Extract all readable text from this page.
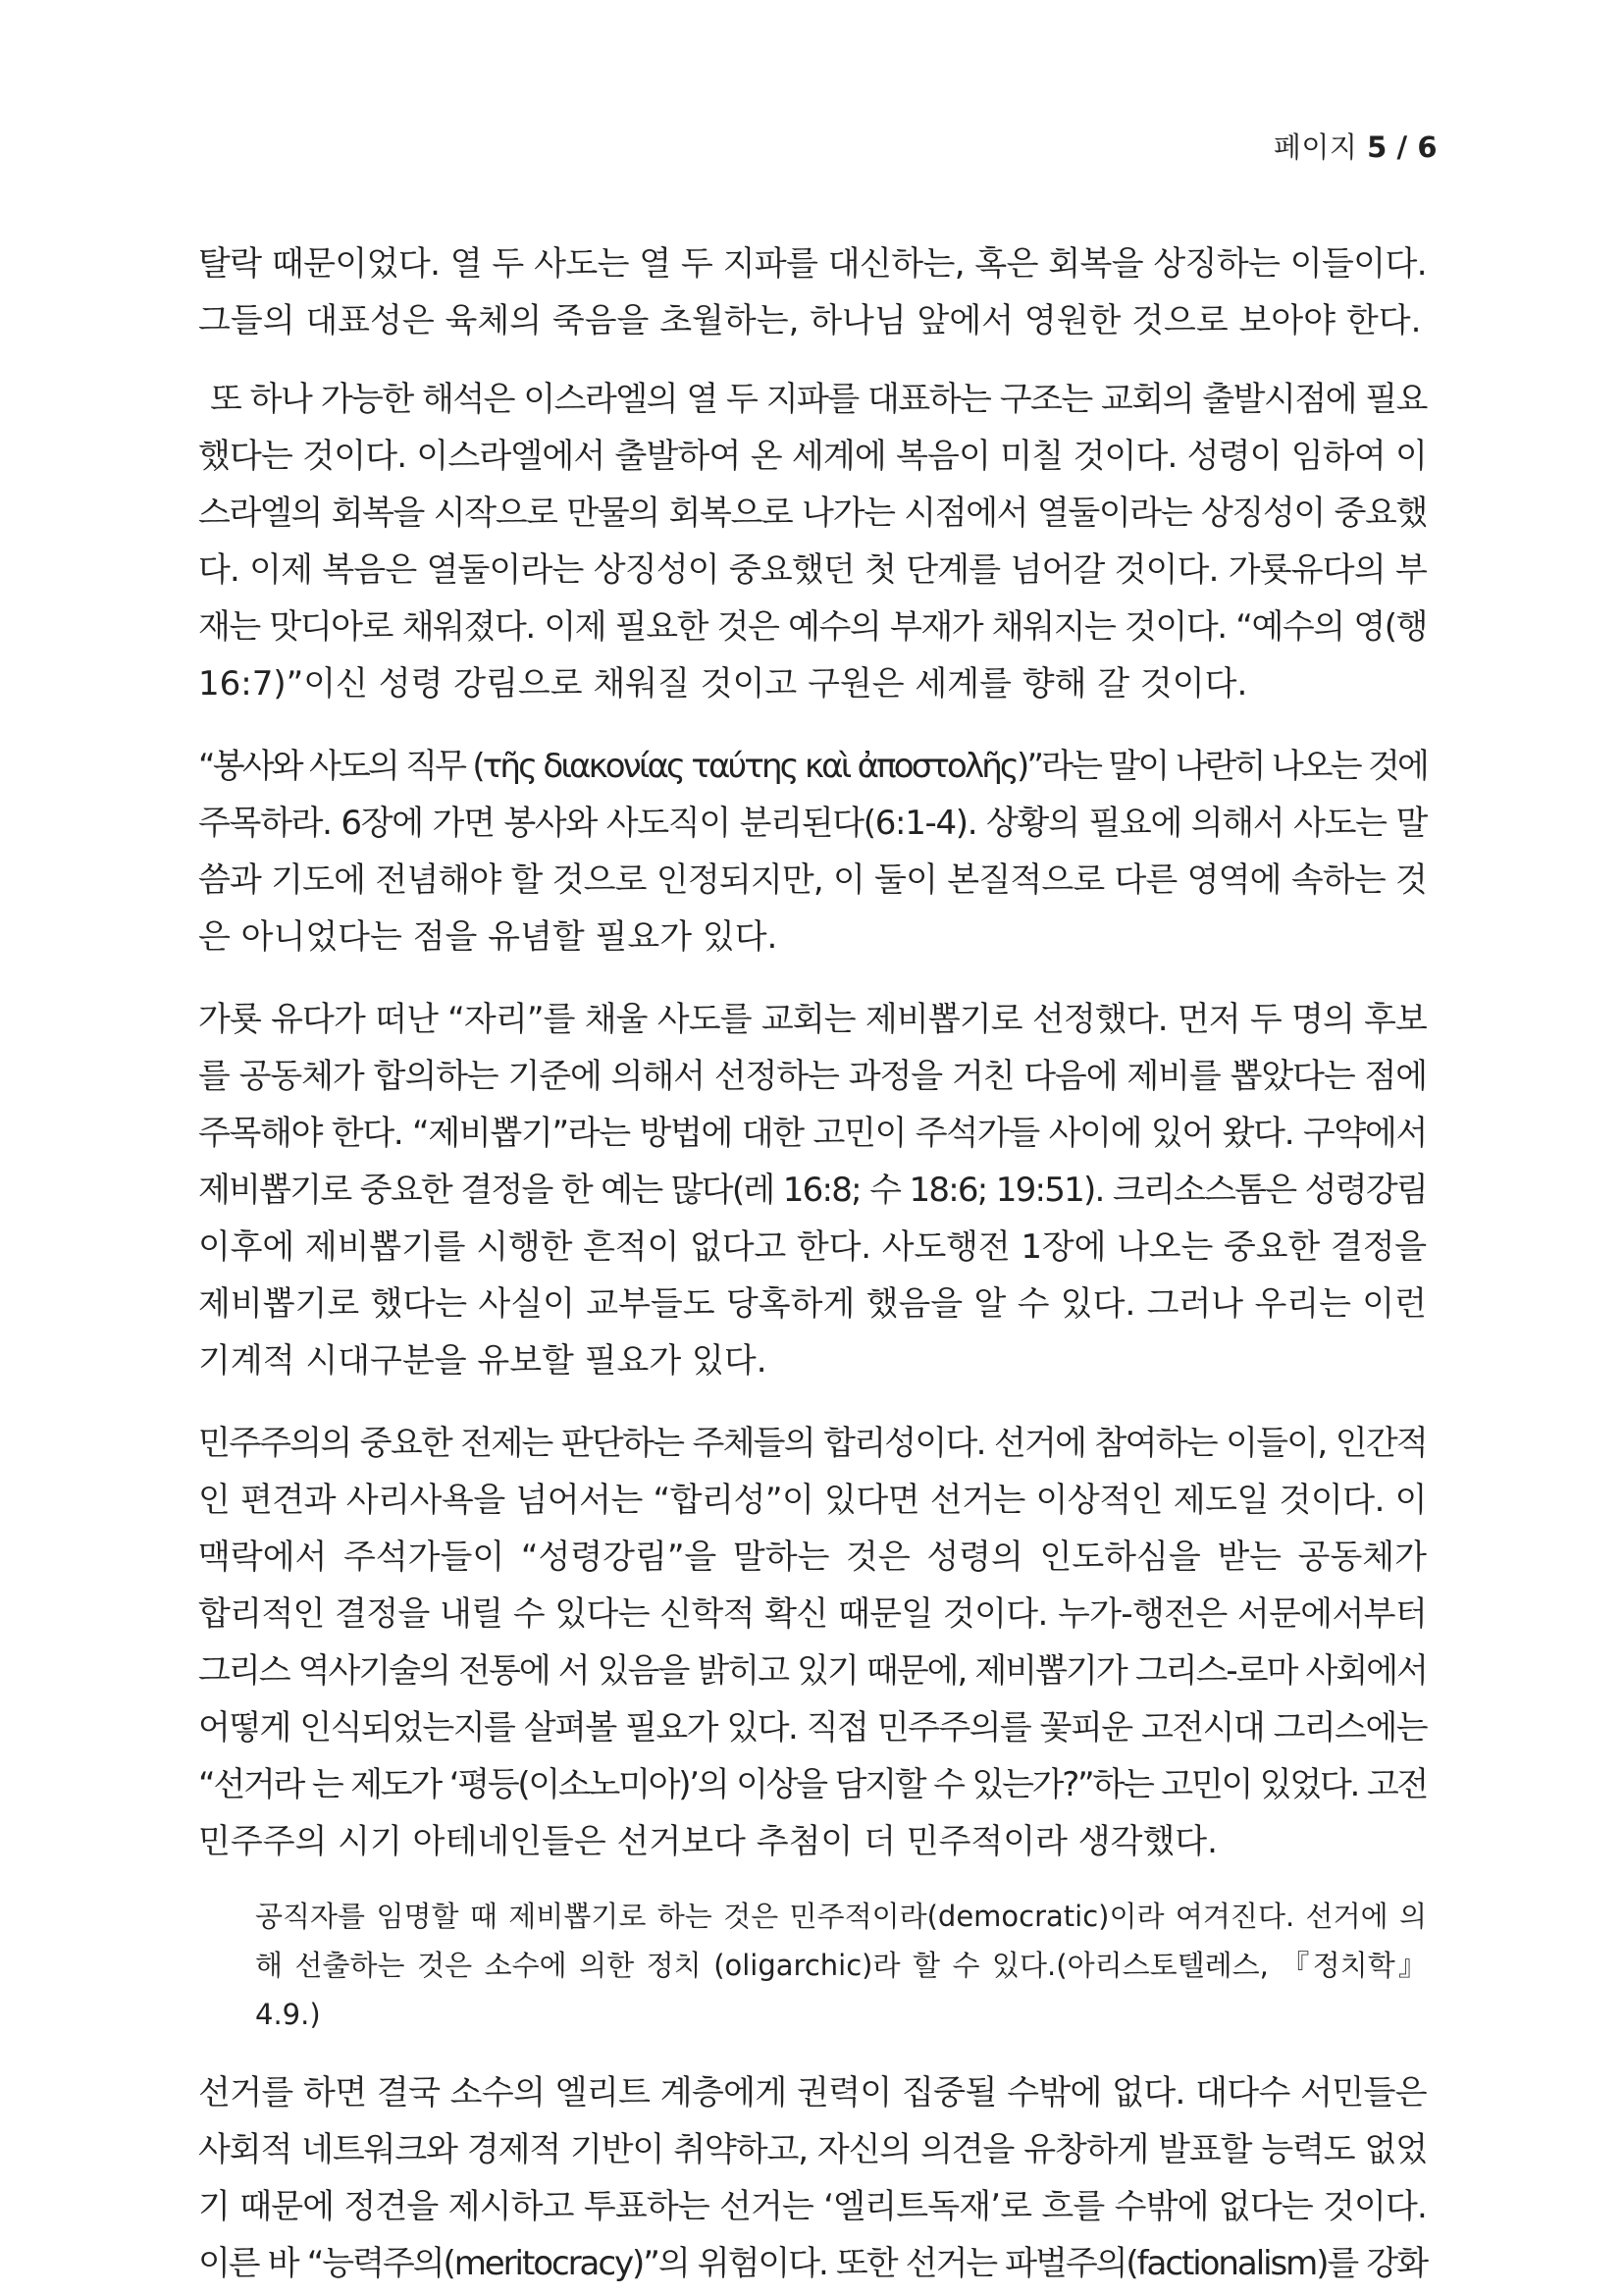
페이지 5 / 6

탈락 때문이었다. 열 두 사도는 열 두 지파를 대신하는, 혹은 회복을 상징하는 이들이다.
그들의 대표성은 육체의 죽음을 초월하는, 하나님 앞에서 영원한 것으로 보아야 한다.

또 하나 가능한 해석은 이스라엘의 열 두 지파를 대표하는 구조는 교회의 출발시점에 필요
했다는 것이다. 이스라엘에서 출발하여 온 세계에 복음이 미칠 것이다. 성령이 임하여 이
스라엘의 회복을 시작으로 만물의 회복으로 나가는 시점에서 열둘이라는 상징성이 중요했
다. 이제 복음은 열둘이라는 상징성이 중요했던 첫 단계를 넘어갈 것이다. 가룟유다의 부
재는 맛디아로 채워졌다. 이제 필요한 것은 예수의 부재가 채워지는 것이다. “예수의 영(행
16:7)”이신 성령 강림으로 채워질 것이고 구원은 세계를 향해 갈 것이다.

“봉사와 사도의 직무 (τῆς διακονίας ταύτης καὶ ἀποστολῆς)”라는 말이 나란히 나오는 것에
주목하라. 6장에 가면 봉사와 사도직이 분리된다(6:1-4). 상황의 필요에 의해서 사도는 말
씀과 기도에 전념해야 할 것으로 인정되지만, 이 둘이 본질적으로 다른 영역에 속하는 것
은 아니었다는 점을 유념할 필요가 있다.

가룟 유다가 떠난 “자리”를 채울 사도를 교회는 제비뽑기로 선정했다. 먼저 두 명의 후보
를 공동체가 합의하는 기준에 의해서 선정하는 과정을 거친 다음에 제비를 뽑았다는 점에
주목해야 한다. “제비뽑기”라는 방법에 대한 고민이 주석가들 사이에 있어 왔다. 구약에서
제비뽑기로 중요한 결정을 한 예는 많다(레 16:8; 수 18:6; 19:51). 크리소스톰은 성령강림
이후에 제비뽑기를 시행한 흔적이 없다고 한다. 사도행전 1장에 나오는 중요한 결정을
제비뽑기로 했다는 사실이 교부들도 당혹하게 했음을 알 수 있다. 그러나 우리는 이런
기계적 시대구분을 유보할 필요가 있다.

민주주의의 중요한 전제는 판단하는 주체들의 합리성이다. 선거에 참여하는 이들이, 인간적
인 편견과 사리사욕을 넘어서는 “합리성”이 있다면 선거는 이상적인 제도일 것이다. 이
맥락에서 주석가들이 “성령강림”을 말하는 것은 성령의 인도하심을 받는 공동체가
합리적인 결정을 내릴 수 있다는 신학적 확신 때문일 것이다. 누가-행전은 서문에서부터
그리스 역사기술의 전통에 서 있음을 밝히고 있기 때문에, 제비뽑기가 그리스-로마 사회에서
어떻게 인식되었는지를 살펴볼 필요가 있다. 직접 민주주의를 꽃피운 고전시대 그리스에는
“선거라 는 제도가 ‘평등(이소노미아)’의 이상을 담지할 수 있는가?”하는 고민이 있었다. 고전
민주주의 시기 아테네인들은 선거보다 추첨이 더 민주적이라 생각했다.

공직자를 임명할 때 제비뽑기로 하는 것은 민주적이라(democratic)이라 여겨진다. 선거에 의
해 선출하는 것은 소수에 의한 정치 (oligarchic)라 할 수 있다.(아리스토텔레스, 『정치학』
4.9.)

선거를 하면 결국 소수의 엘리트 계층에게 권력이 집중될 수밖에 없다. 대다수 서민들은
사회적 네트워크와 경제적 기반이 취약하고, 자신의 의견을 유창하게 발표할 능력도 없었
기 때문에 정견을 제시하고 투표하는 선거는 ‘엘리트독재’로 흐를 수밖에 없다는 것이다.
이른 바 “능력주의(meritocracy)”의 위험이다. 또한 선거는 파벌주의(factionalism)를 강화
